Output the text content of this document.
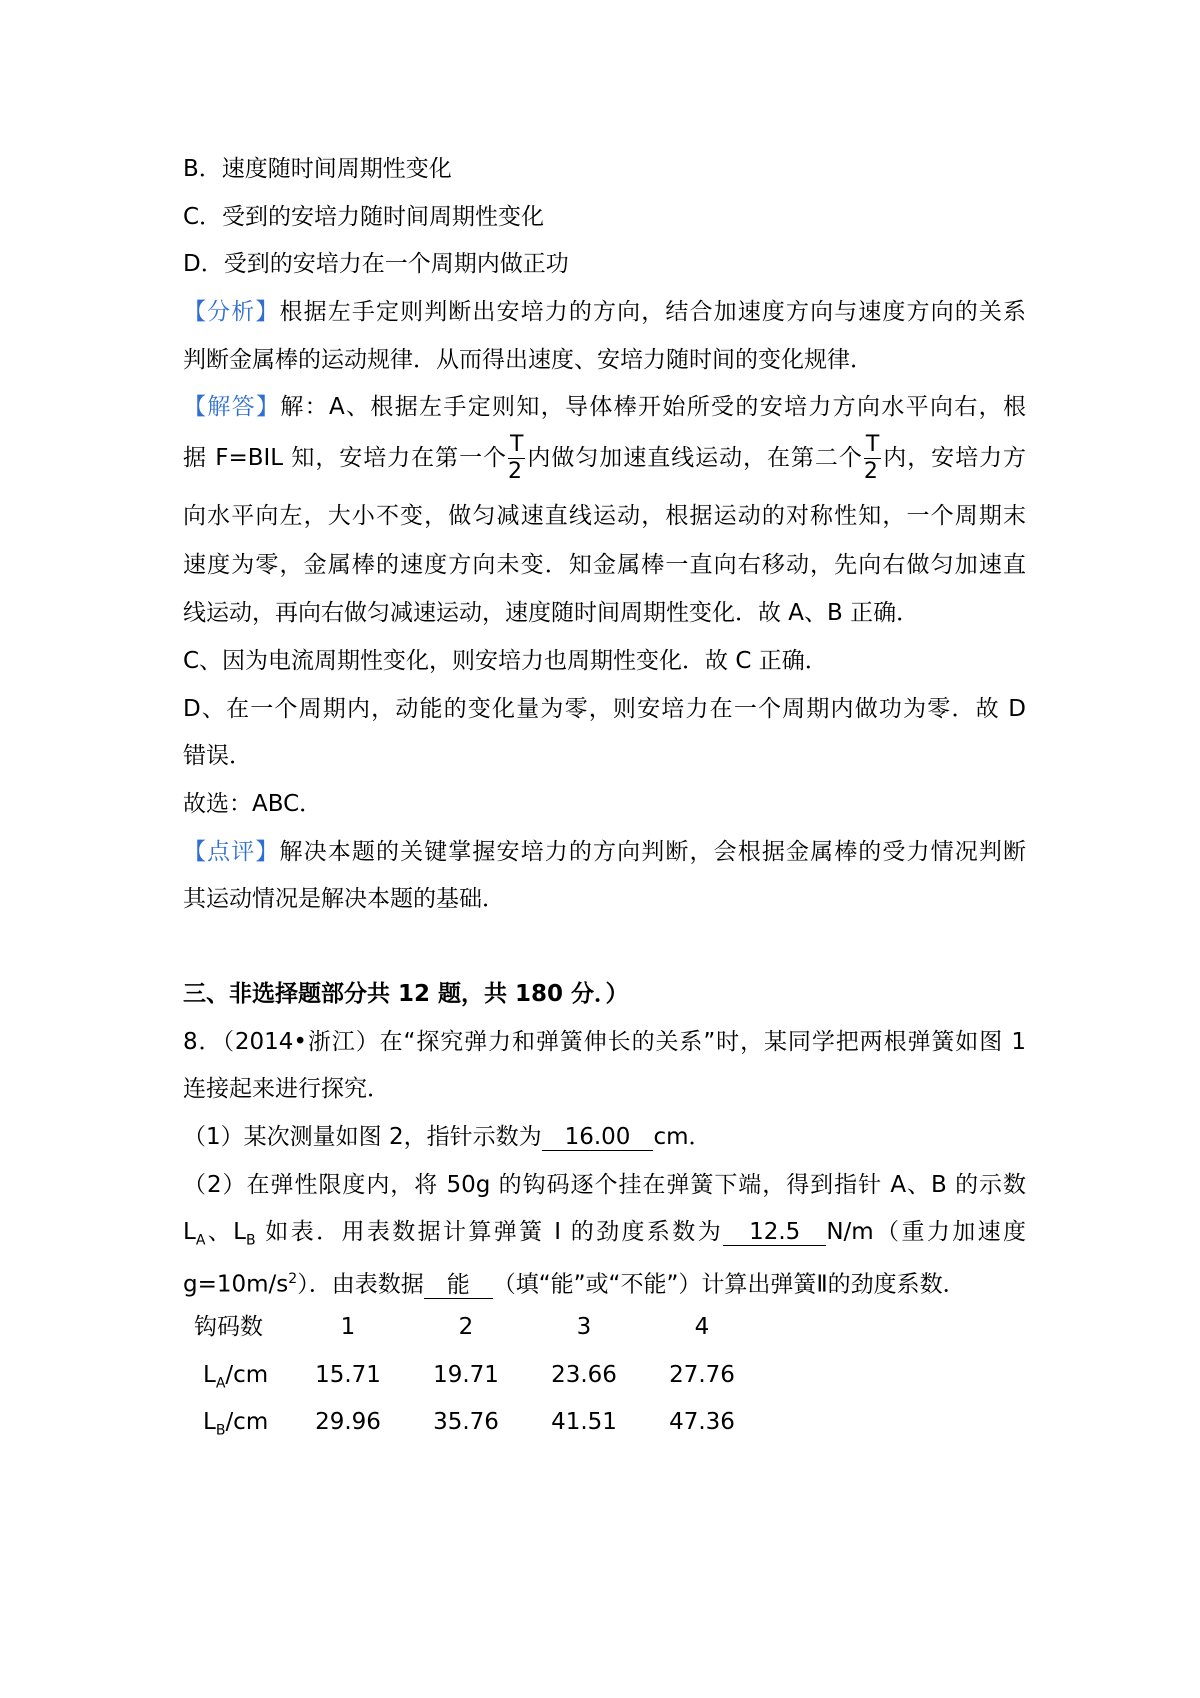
B．速度随时间周期性变化
C．受到的安培力随时间周期性变化
D．受到的安培力在一个周期内做正功
【分析】根据左手定则判断出安培力的方向，结合加速度方向与速度方向的关系
判断金属棒的运动规律．从而得出速度、安培力随时间的变化规律．
【解答】解：A、根据左手定则知，导体棒开始所受的安培力方向水平向右，根
据 F=BIL 知，安培力在第一个 $\frac{T}{2}$ 内做匀加速直线运动，在第二个 $\frac{T}{2}$ 内，安培力方
向水平向左，大小不变，做匀减速直线运动，根据运动的对称性知，一个周期末
速度为零，金属棒的速度方向未变．知金属棒一直向右移动，先向右做匀加速直
线运动，再向右做匀减速运动，速度随时间周期性变化．故 A、B 正确．
C、因为电流周期性变化，则安培力也周期性变化．故 C 正确．
D、在一个周期内，动能的变化量为零，则安培力在一个周期内做功为零．故 D
错误．
故选：ABC．
【点评】解决本题的关键掌握安培力的方向判断，会根据金属棒的受力情况判断
其运动情况是解决本题的基础．
三、非选择题部分共 12 题，共 180 分．）
8．（2014•浙江）在“探究弹力和弹簧伸长的关系”时，某同学把两根弹簧如图 1
连接起来进行探究．
（1）某次测量如图 2，指针示数为 16.00 cm．
（2）在弹性限度内，将 50g 的钩码逐个挂在弹簧下端，得到指针 A、B 的示数
$L_A$、$L_B$ 如表．用表数据计算弹簧 I 的劲度系数为 12.5 N/m（重力加速度
$g=10m/s^2$）．由表数据 能 （填“能”或“不能”）计算出弹簧Ⅱ的劲度系数．
钩码数	1	2	3	4
$L_A/cm$	15.71	19.71	23.66	27.76
$L_B/cm$	29.96	35.76	41.51	47.36
